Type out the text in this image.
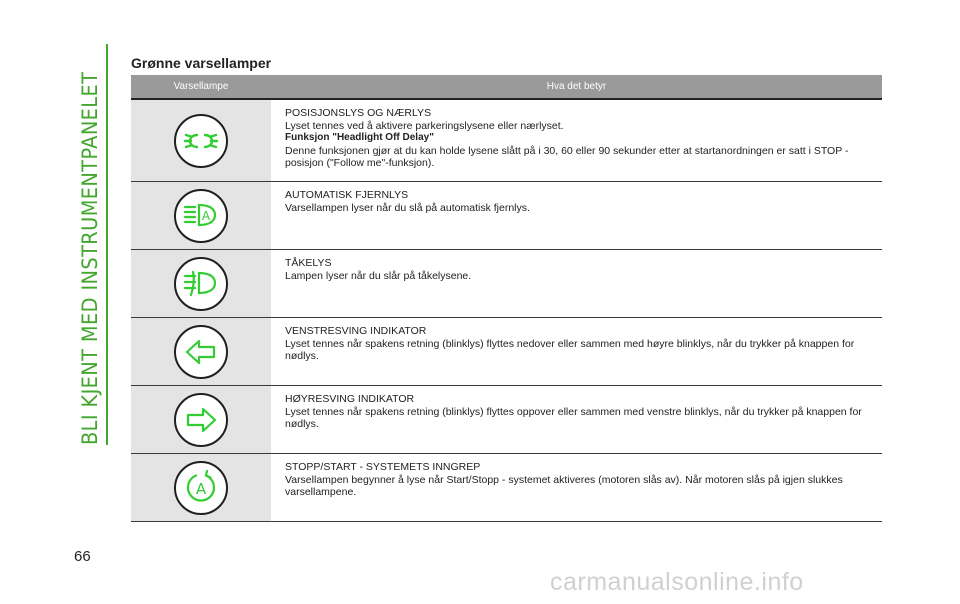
BLI KJENT MED INSTRUMENTPANELET
66
Grønne varsellamper
Varsellampe	Hva det betyr
POSISJONSLYS OG NÆRLYS
Lyset tennes ved å aktivere parkeringslysene eller nærlyset.
Funksjon "Headlight Off Delay"
Denne funksjonen gjør at du kan holde lysene slått på i 30, 60 eller 90 sekunder etter at startanordningen er satt i STOP - posisjon ("Follow me"-funksjon).
A
AUTOMATISK FJERNLYS
Varsellampen lyser når du slå på automatisk fjernlys.
TÅKELYS
Lampen lyser når du slår på tåkelysene.
VENSTRESVING INDIKATOR
Lyset tennes når spakens retning (blinklys) flyttes nedover eller sammen med høyre blinklys, når du trykker på knappen for nødlys.
HØYRESVING INDIKATOR
Lyset tennes når spakens retning (blinklys) flyttes oppover eller sammen med venstre blinklys, når du trykker på knappen for nødlys.
A
STOPP/START - SYSTEMETS INNGREP
Varsellampen begynner å lyse når Start/Stopp - systemet aktiveres (motoren slås av). Når motoren slås på igjen slukkes varsellampene.
carmanualsonline.info
